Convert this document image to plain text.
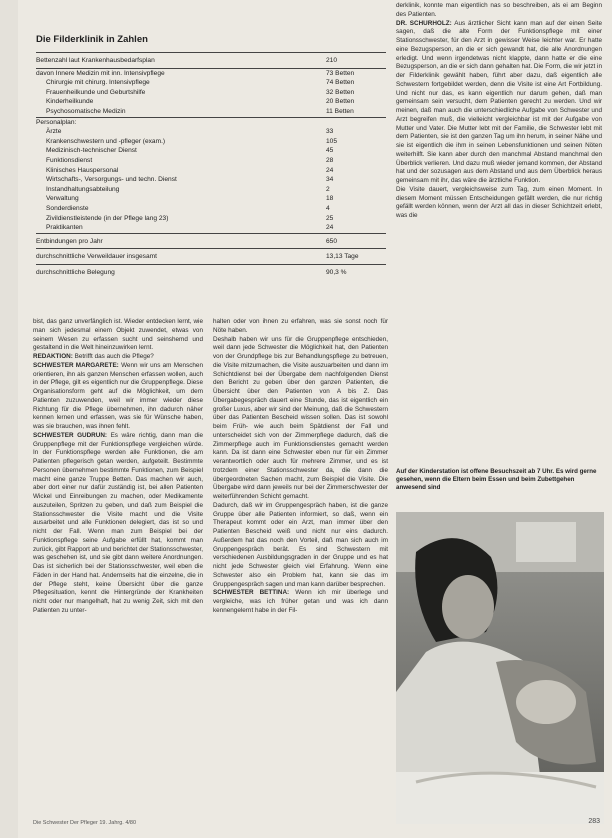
Die Filderklinik in Zahlen
Bettenzahl laut Krankenhausbedarfsplan	210
davon Innere Medizin mit inn. Intensivpflege	73 Betten
Chirurgie mit chirurg. Intensivpflege	74 Betten
Frauenheilkunde und Geburtshilfe	32 Betten
Kinderheilkunde	20 Betten
Psychosomatische Medizin	11 Betten
Personalplan:
Ärzte	33
Krankenschwestern und -pfleger (exam.)	105
Medizinisch-technischer Dienst	45
Funktionsdienst	28
Klinisches Hauspersonal	24
Wirtschafts-, Versorgungs- und techn. Dienst	34
Instandhaltungsabteilung	2
Verwaltung	18
Sonderdienste	4
Zivildienstleistende (in der Pflege lang 23)	25
Praktikanten	24
Entbindungen pro Jahr	650
durchschnittliche Verweildauer insgesamt	13,13 Tage
durchschnittliche Belegung	90,3 %

bist, das ganz unverfänglich ist. Wieder entdecken lernt, wie man sich jedesmal einem Objekt zuwendet, etwas von seinem Wesen zu erfassen sucht und seinshemd und gestaltend in die Welt hineinzuwirken lernt.

REDAKTION: Betrifft das auch die Pflege?

SCHWESTER MARGARETE: Wenn wir uns am Menschen orientieren, ihn als ganzen Menschen erfassen wollen, auch in der Pflege, gilt es eigentlich nur die Gruppenpflege. Diese Organisationsform geht auf die Möglichkeit, um dem Patienten zuzuwenden, weil wir immer wieder diese Richtung für die Pflege übernehmen, ihn dadurch näher kennen lernen und erfassen, was sie für Wünsche haben, was sie brauchen, was ihnen fehlt.

SCHWESTER GUDRUN: Es wäre richtig, dann man die Gruppenpflege mit der Funktionspflege vergleichen würde. In der Funktionspflege werden alle Funktionen, die am Patienten pflegerisch getan werden, aufgeteilt. Bestimmte Personen übernehmen bestimmte Funktionen, zum Beispiel macht eine ganze Truppe Betten. Das machen wir auch, aber dort einer nur dafür zuständig ist, bei allen Patienten Wickel und Einreibungen zu machen, oder Medikamente auszuteilen, Spritzen zu geben, und daß zum Beispiel die Stationsschwester die Visite macht und die Visite ausarbeitet und alle Funktionen delegiert, das ist so und nicht der Fall. Wenn man zum Beispiel bei der Funktionspflege seine Aufgabe erfüllt hat, kommt man zurück, gibt Rapport ab und berichtet der Stationsschwester, was geschehen ist, und sie gibt dann weitere Anordnungen. Das ist sicherlich bei der Stationsschwester, weil eben die Fäden in der Hand hat. Andernseits hat die einzelne, die in der Pflege steht, keine Übersicht über die ganze Pflegesituation, kennt die Hintergründe der Krankheiten nicht oder nur mangelhaft, hat zu wenig Zeit, sich mit den Patienten zu unter-

halten oder von ihnen zu erfahren, was sie sonst noch für Nöte haben.

Deshalb haben wir uns für die Gruppenpflege entschieden, weil dann jede Schwester die Möglichkeit hat, den Patienten von der Grundpflege bis zur Behandlungspflege zu betreuen, die Visite mitzumachen, die Visite auszuarbeiten und dann im Schichtdienst bei der Übergabe dem nachfolgenden Dienst den Bericht zu geben über den ganzen Patienten, die Übersicht über den Patienten von A bis Z. Das Übergabegespräch dauert eine Stunde, das ist eigentlich ein großer Luxus, aber wir sind der Meinung, daß die Schwestern über das Patienten Bescheid wissen sollen. Das ist sowohl beim Früh- wie auch beim Spätdienst der Fall und unterscheidet sich von der Zimmerpflege dadurch, daß die Zimmerpflege auch im Funktionsdienstes gemacht werden kann. Da ist dann eine Schwester eben nur für ein Zimmer verantwortlich oder auch für mehrere Zimmer, und es ist trotzdem einer Stationsschwester da, die dann die übergeordneten Sachen macht, zum Beispiel die Visite. Die Übergabe wird dann jeweils nur bei der Zimmerschwester der weiterführenden Schicht gemacht.

Dadurch, daß wir im Gruppengespräch haben, ist die ganze Gruppe über alle Patienten informiert, so daß, wenn ein Therapeut kommt oder ein Arzt, man immer über den Patienten Bescheid weiß und nicht nur eins dadurch. Außerdem hat das noch den Vorteil, daß man sich auch im Gruppengespräch berät. Es sind Schwestern mit verschiedenen Ausbildungsgraden in der Gruppe und es hat nicht jede Schwester gleich viel Erfahrung. Wenn eine Schwester also ein Problem hat, kann sie das im Gruppengespräch sagen und man kann darüber besprechen.

SCHWESTER BETTINA: Wenn ich mir überlege und vergleiche, was ich früher getan und was ich dann kennengelernt habe in der Fil-

derklinik, konnte man eigentlich nas so beschreiben, als ei am Beginn des Patienten.

DR. SCHURHOLZ: Aus ärztlicher Sicht kann man auf der einen Seite sagen, daß die alte Form der Funktionspflege mit einer Stationsschwester, für den Arzt in gewisser Weise leichter war. Er hatte eine Bezugsperson, an die er sich gewandt hat, die alle Anordnungen erledigt. Und wenn irgendetwas nicht klappte, dann hatte er die eine Bezugsperson, an die er sich dann gehalten hat. Die Form, die wir jetzt in der Filderklinik gewählt haben, führt aber dazu, daß eigentlich alle Schwestern fortgebildet werden, denn die Visite ist eine Art Fortbildung. Und nicht nur das, es kann eigentlich nur darum gehen, daß man gemeinsam sein versucht, dem Patienten gerecht zu werden. Und wir meinen, daß man auch die unterschiedliche Aufgabe von Schwester und Arzt begreifen muß, die vielleicht vergleichbar ist mit der Aufgabe von Mutter und Vater. Die Mutter lebt mit der Familie, die Schwester lebt mit dem Patienten, sie ist den ganzen Tag um ihn herum, in seiner Nähe und sie ist eigentlich die ihm in seinen Lebensfunktionen und seinen Nöten weiterhilft. Sie kann aber durch den manchmal Abstand manchmal den Überblick verlieren. Und dazu muß wieder jemand kommen, der Abstand hat und der sozusagen aus dem Abstand und aus dem Überblick heraus gemeinsam mit ihr, das wäre die ärztliche Funktion.

Die Visite dauert, vergleichsweise zum Tag, zum einen Moment. In diesem Moment müssen Entscheidungen gefällt werden, die nur richtig gefällt werden können, wenn der Arzt all das in dieser Schichtzeit erlebt, was die

Auf der Kinderstation ist offene Besuchszeit ab 7 Uhr. Es wird gerne gesehen, wenn die Eltern beim Essen und beim Zubettgehen anwesend sind
Die Schwester Der Pfleger 19. Jahrg. 4/80	283
